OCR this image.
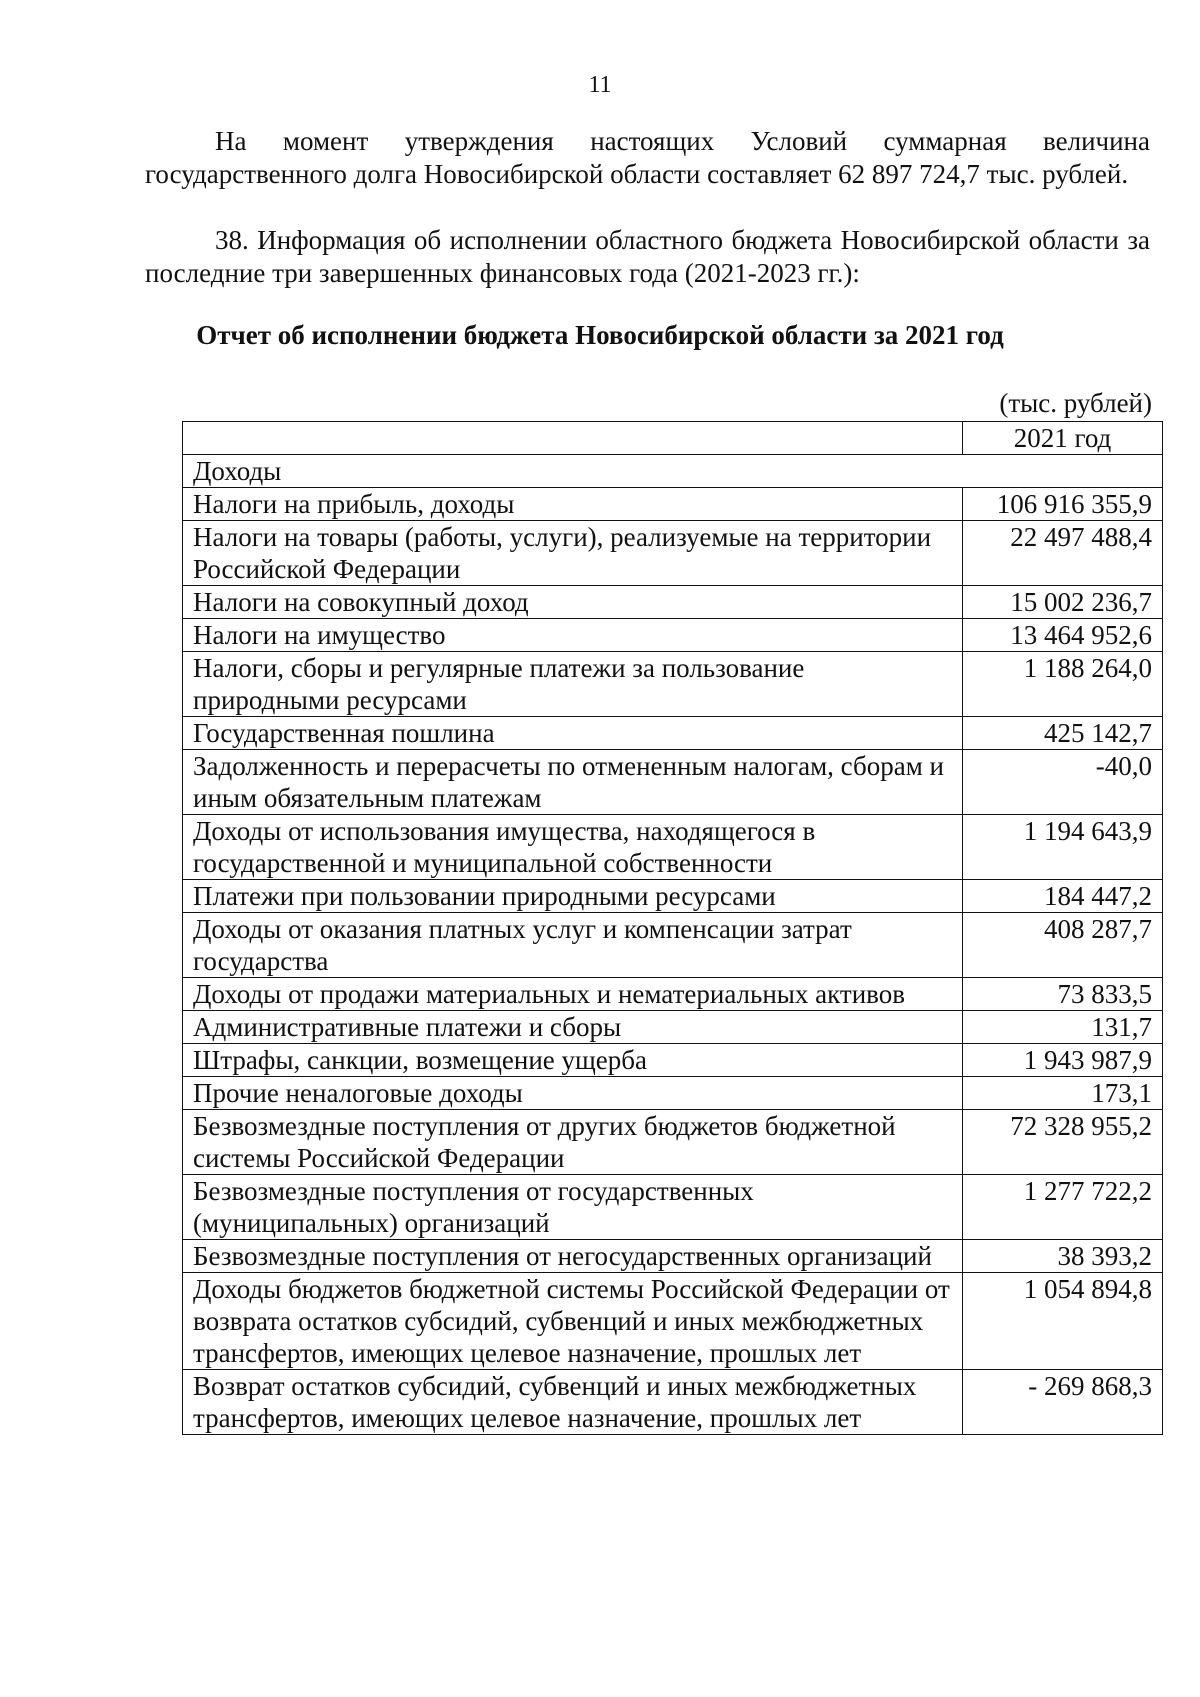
11

На момент утверждения настоящих Условий суммарная величина государственного долга Новосибирской области составляет 62 897 724,7 тыс. рублей.

38. Информация об исполнении областного бюджета Новосибирской области за последние три завершенных финансовых года (2021-2023 гг.):

Отчет об исполнении бюджета Новосибирской области за 2021 год
(тыс. рублей)
	2021 год
Доходы	
Налоги на прибыль, доходы	106 916 355,9
Налоги на товары (работы, услуги), реализуемые на территории Российской Федерации	22 497 488,4
Налоги на совокупный доход	15 002 236,7
Налоги на имущество	13 464 952,6
Налоги, сборы и регулярные платежи за пользование природными ресурсами	1 188 264,0
Государственная пошлина	425 142,7
Задолженность и перерасчеты по отмененным налогам, сборам и иным обязательным платежам	-40,0
Доходы от использования имущества, находящегося в государственной и муниципальной собственности	1 194 643,9
Платежи при пользовании природными ресурсами	184 447,2
Доходы от оказания платных услуг и компенсации затрат государства	408 287,7
Доходы от продажи материальных и нематериальных активов	73 833,5
Административные платежи и сборы	131,7
Штрафы, санкции, возмещение ущерба	1 943 987,9
Прочие неналоговые доходы	173,1
Безвозмездные поступления от других бюджетов бюджетной системы Российской Федерации	72 328 955,2
Безвозмездные поступления от государственных (муниципальных) организаций	1 277 722,2
Безвозмездные поступления от негосударственных организаций	38 393,2
Доходы бюджетов бюджетной системы Российской Федерации от возврата остатков субсидий, субвенций и иных межбюджетных трансфертов, имеющих целевое назначение, прошлых лет	1 054 894,8
Возврат остатков субсидий, субвенций и иных межбюджетных трансфертов, имеющих целевое назначение, прошлых лет	- 269 868,3
